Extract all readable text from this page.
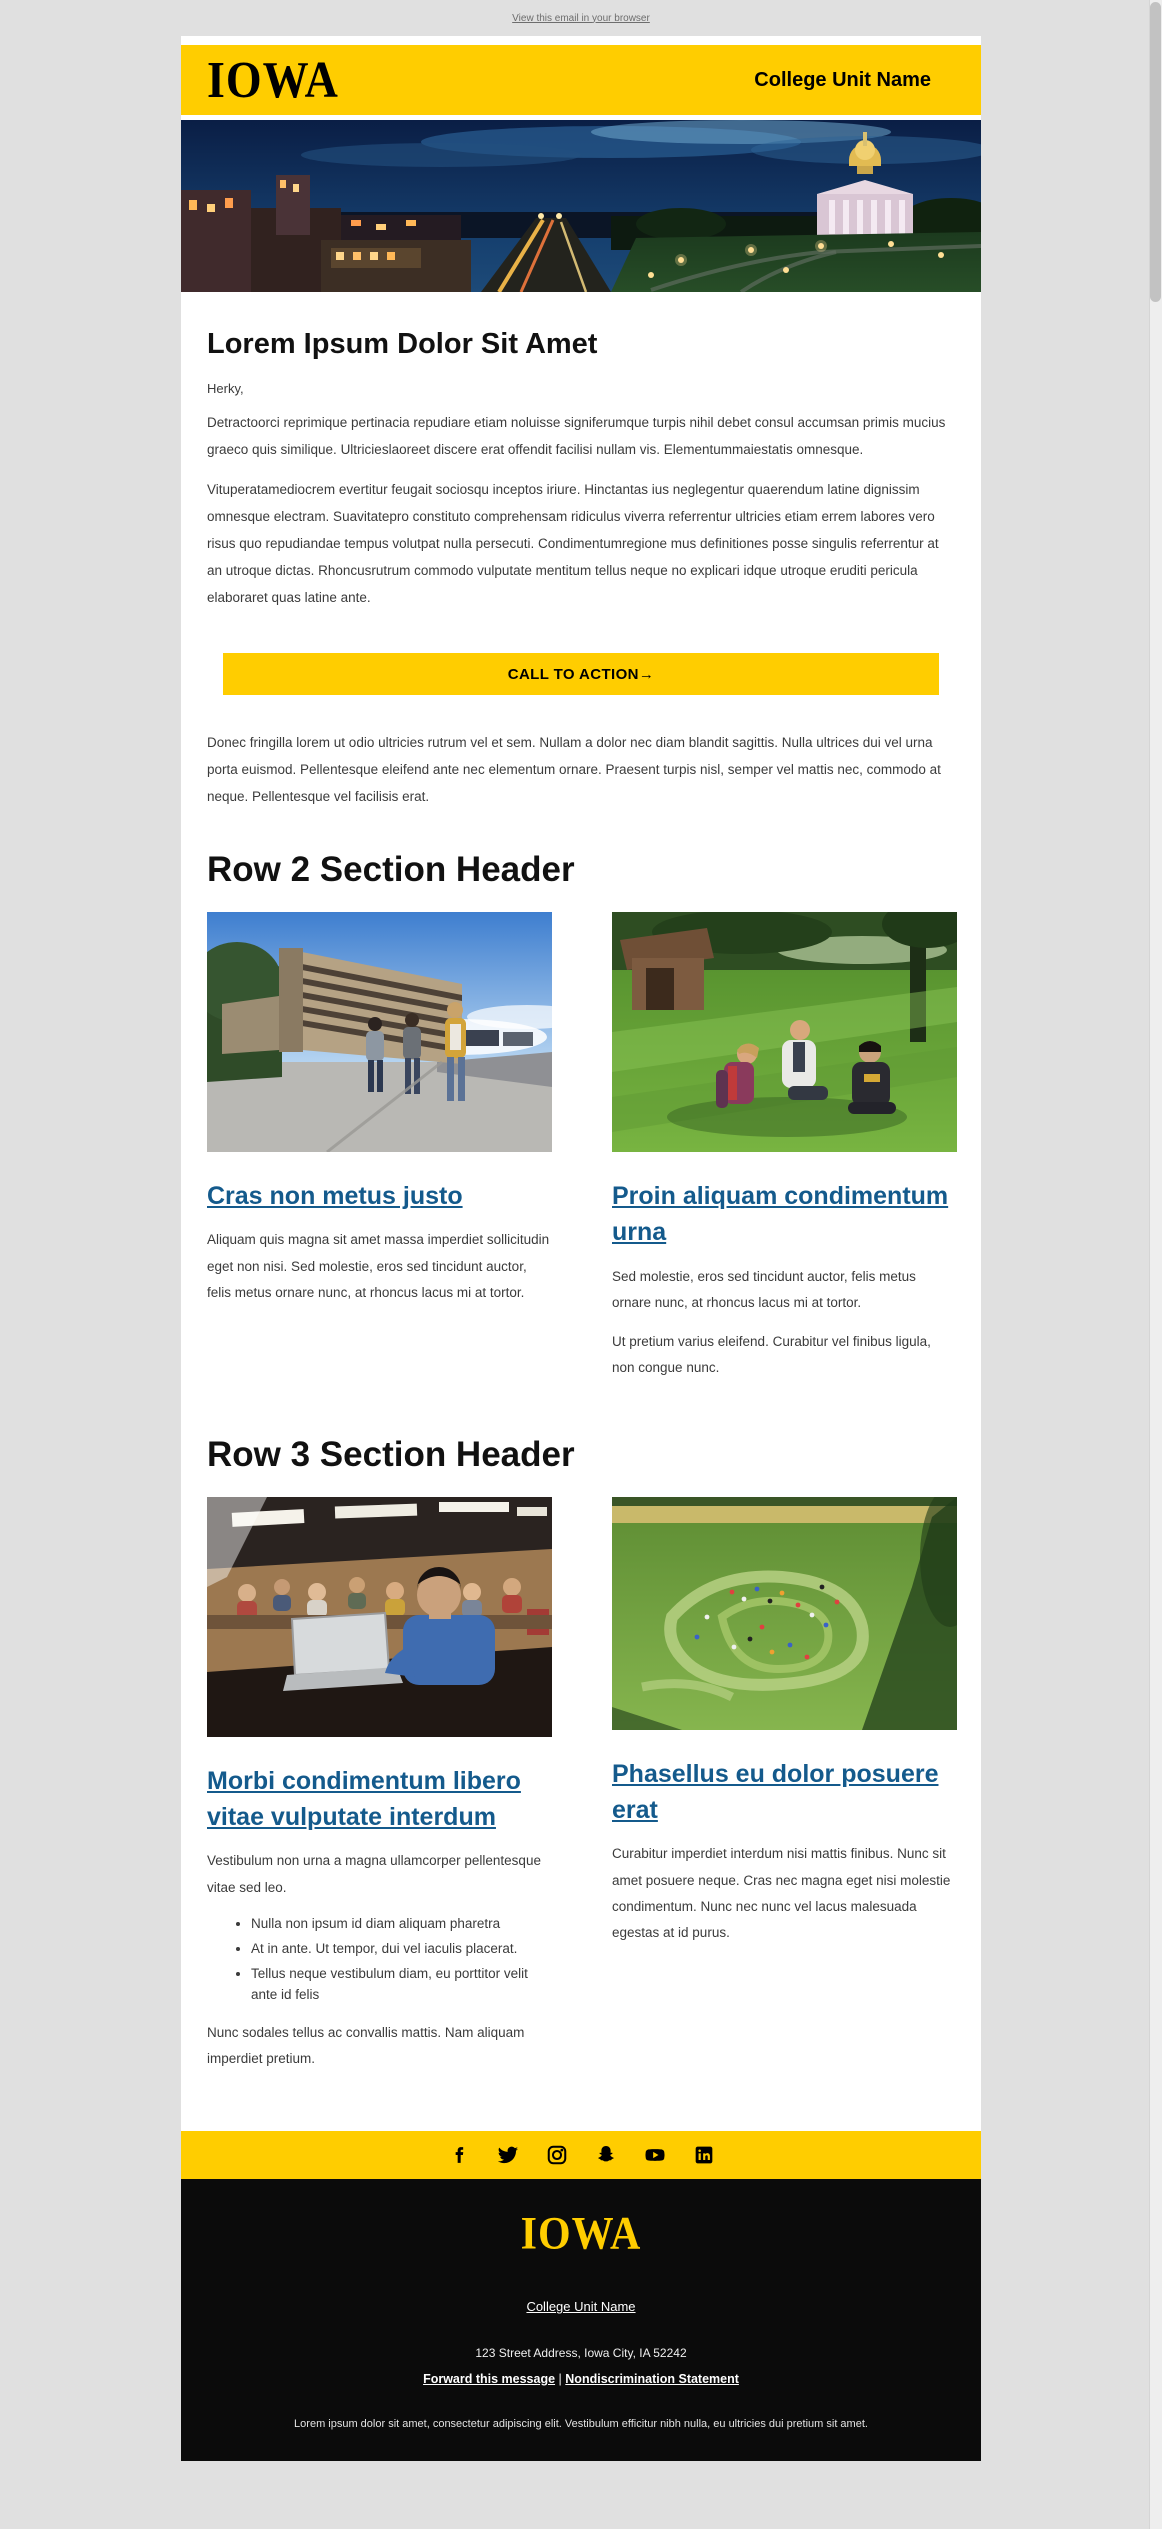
View this email in your browser
IOWA	College Unit Name
Lorem Ipsum Dolor Sit Amet

Herky,

Detractoorci reprimique pertinacia repudiare etiam noluisse signiferumque turpis nihil debet consul accumsan primis mucius graeco quis similique. Ultricieslaoreet discere erat offendit facilisi nullam vis. Elementummaiestatis omnesque.

Vituperatamediocrem evertitur feugait sociosqu inceptos iriure. Hinctantas ius neglegentur quaerendum latine dignissim omnesque electram. Suavitatepro constituto comprehensam ridiculus viverra referrentur ultricies etiam errem labores vero risus quo repudiandae tempus volutpat nulla persecuti. Condimentumregione mus definitiones posse singulis referrentur at an utroque dictas. Rhoncusrutrum commodo vulputate mentitum tellus neque no explicari idque utroque eruditi pericula elaboraret quas latine ante.

CALL TO ACTION→

Donec fringilla lorem ut odio ultricies rutrum vel et sem. Nullam a dolor nec diam blandit sagittis. Nulla ultrices dui vel urna porta euismod. Pellentesque eleifend ante nec elementum ornare. Praesent turpis nisl, semper vel mattis nec, commodo at neque. Pellentesque vel facilisis erat.

Row 2 Section Header
Cras non metus justo

Aliquam quis magna sit amet massa imperdiet sollicitudin eget non nisi. Sed molestie, eros sed tincidunt auctor, felis metus ornare nunc, at rhoncus lacus mi at tortor.

Proin aliquam condimentum urna

Sed molestie, eros sed tincidunt auctor, felis metus ornare nunc, at rhoncus lacus mi at tortor.

Ut pretium varius eleifend. Curabitur vel finibus ligula, non congue nunc.

Row 3 Section Header
Morbi condimentum libero vitae vulputate interdum

Vestibulum non urna a magna ullamcorper pellentesque vitae sed leo.

• Nulla non ipsum id diam aliquam pharetra
• At in ante. Ut tempor, dui vel iaculis placerat.
• Tellus neque vestibulum diam, eu porttitor velit ante id felis

Nunc sodales tellus ac convallis mattis. Nam aliquam imperdiet pretium.

Phasellus eu dolor posuere erat

Curabitur imperdiet interdum nisi mattis finibus. Nunc sit amet posuere neque. Cras nec magna eget nisi molestie condimentum. Nunc nec nunc vel lacus malesuada egestas at id purus.

IOWA
College Unit Name
123 Street Address, Iowa City, IA 52242
Forward this message | Nondiscrimination Statement
Lorem ipsum dolor sit amet, consectetur adipiscing elit. Vestibulum efficitur nibh nulla, eu ultricies dui pretium sit amet.
